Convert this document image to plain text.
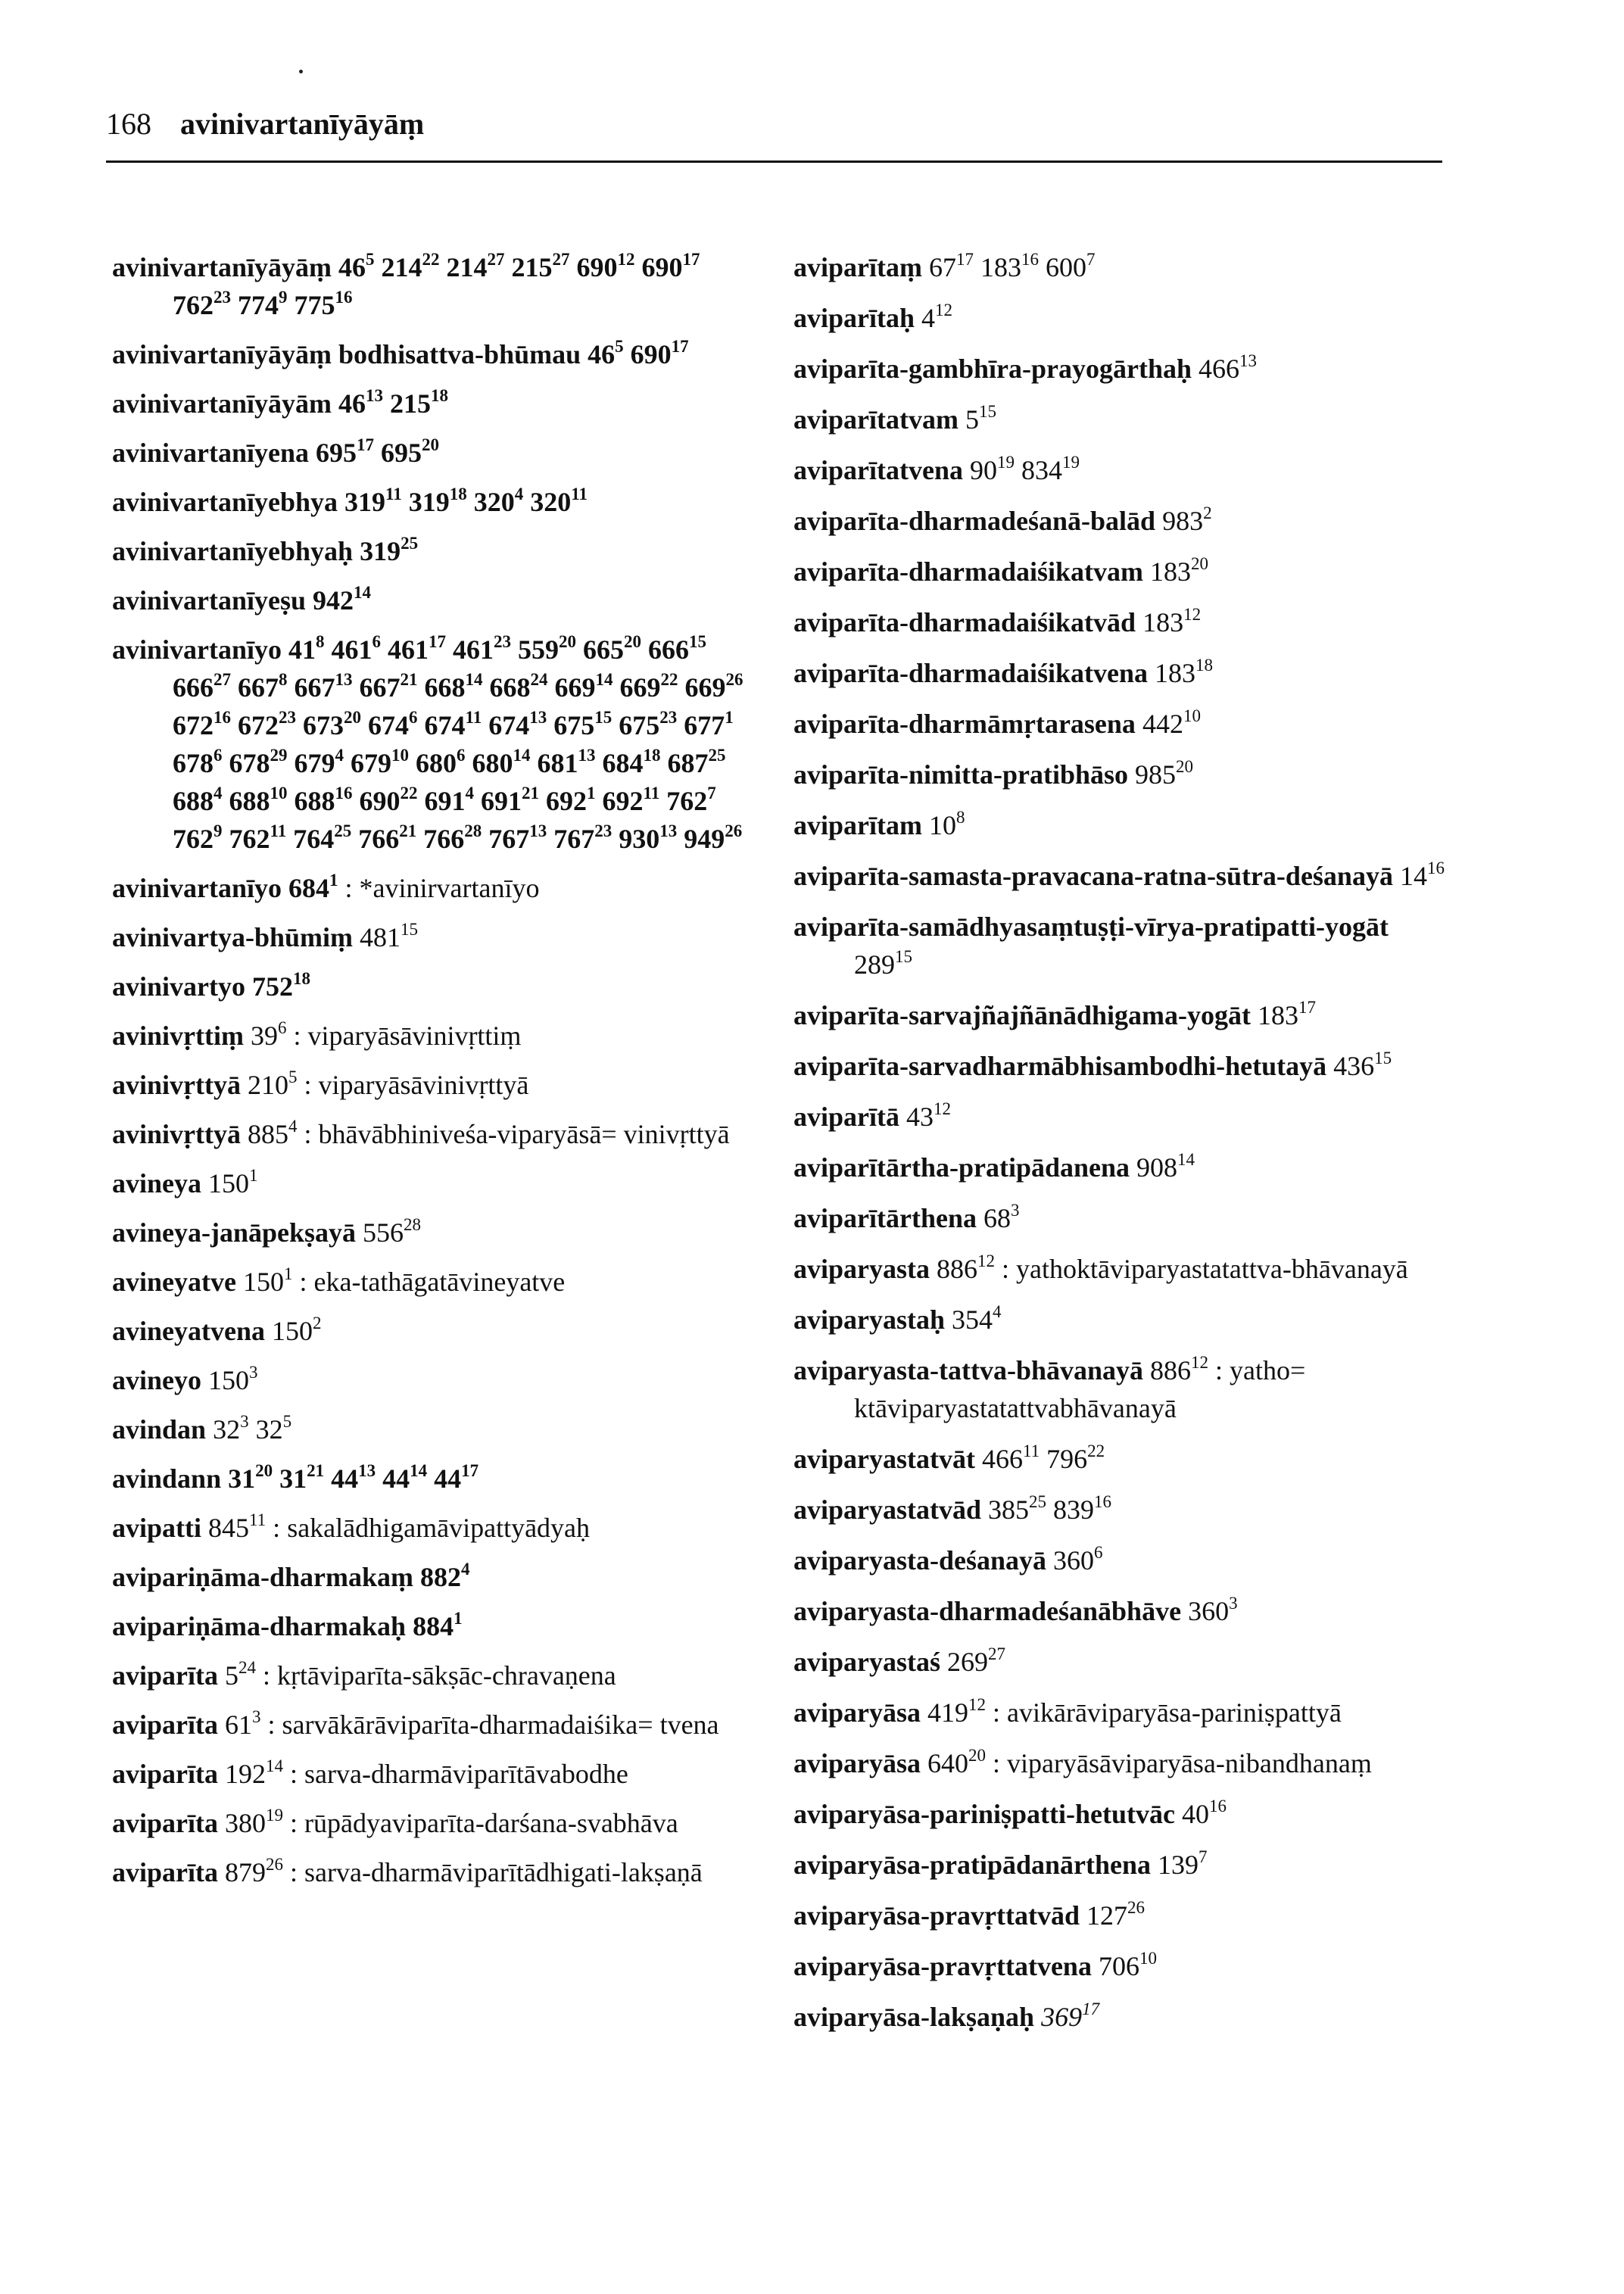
168 avinivartanīyāyāṃ
avinivartanīyāyāṃ $46^5$ $214^{22}$ $214^{27}$ $215^{27}$ $690^{12}$ $690^{17}$ $762^{23}$ $774^9$ $775^{16}$
avinivartanīyāyāṃ bodhisattva-bhūmau $46^5$ $690^{17}$
avinivartanīyāyām $46^{13}$ $215^{18}$
avinivartanīyena $695^{17}$ $695^{20}$
avinivartanīyebhya $319^{11}$ $319^{18}$ $320^4$ $320^{11}$
avinivartanīyebhyaḥ $319^{25}$
avinivartanīyeṣu $942^{14}$
avinivartanīyo $41^8$ $461^6$ $461^{17}$ $461^{23}$ $559^{20}$ $665^{20}$ $666^{15}$ $666^{27}$ $667^8$ $667^{13}$ $667^{21}$ $668^{14}$ $668^{24}$ $669^{14}$ $669^{22}$ $669^{26}$ $672^{16}$ $672^{23}$ $673^{20}$ $674^6$ $674^{11}$ $674^{13}$ $675^{15}$ $675^{23}$ $677^1$ $678^6$ $678^{29}$ $679^4$ $679^{10}$ $680^6$ $680^{14}$ $681^{13}$ $684^{18}$ $687^{25}$ $688^4$ $688^{10}$ $688^{16}$ $690^{22}$ $691^4$ $691^{21}$ $692^1$ $692^{11}$ $762^7$ $762^9$ $762^{11}$ $764^{25}$ $766^{21}$ $766^{28}$ $767^{13}$ $767^{23}$ $930^{13}$ $949^{26}$
avinivartanīyo $684^1$ : *avinirvartanīyo
avinivartya-bhūmiṃ $481^{15}$
avinivartyo $752^{18}$
avinivṛttiṃ $39^6$ : viparyāsāvinivṛttiṃ
avinivṛttyā $210^5$ : viparyāsāvinivṛttyā
avinivṛttyā $885^4$ : bhāvābhiniveśa-viparyāsā= vinivṛttyā
avineya $150^1$
avineya-janāpekṣayā $556^{28}$
avineyatve $150^1$ : eka-tathāgatāvineyatve
avineyatvena $150^2$
avineyo $150^3$
avindan $32^3$ $32^5$
avindann $31^{20}$ $31^{21}$ $44^{13}$ $44^{14}$ $44^{17}$
avipatti $845^{11}$ : sakalādhigamāvipattyādyaḥ
avipariṇāma-dharmakaṃ $882^4$
avipariṇāma-dharmakaḥ $884^1$
aviparīta $5^{24}$ : kṛtāviparīta-sākṣāc-chravaṇena
aviparīta $61^3$ : sarvākārāviparīta-dharmadaiśika= tvena
aviparīta $192^{14}$ : sarva-dharmāviparītāvabodhe
aviparīta $380^{19}$ : rūpādyaviparīta-darśana-svabhāva
aviparīta $879^{26}$ : sarva-dharmāviparītādhigati-lakṣaṇā
aviparītaṃ $67^{17}$ $183^{16}$ $600^7$
aviparītaḥ $4^{12}$
aviparīta-gambhīra-prayogārthaḥ $466^{13}$
aviparītatvam $5^{15}$
aviparītatvena $90^{19}$ $834^{19}$
aviparīta-dharmadeśanā-balād $983^2$
aviparīta-dharmadaiśikatvam $183^{20}$
aviparīta-dharmadaiśikatvād $183^{12}$
aviparīta-dharmadaiśikatvena $183^{18}$
aviparīta-dharmāmṛtarasena $442^{10}$
aviparīta-nimitta-pratibhāso $985^{20}$
aviparītam $10^8$
aviparīta-samasta-pravacana-ratna-sūtra-deśanayā $14^{16}$
aviparīta-samādhyasaṃtuṣṭi-vīrya-pratipatti-yogāt $289^{15}$
aviparīta-sarvajñajñānādhigama-yogāt $183^{17}$
aviparīta-sarvadharmābhisambodhi-hetutayā $436^{15}$
aviparītā $43^{12}$
aviparītārtha-pratipādanena $908^{14}$
aviparītārthena $68^3$
aviparyasta $886^{12}$ : yathoktāviparyastatattva-bhāvanayā
aviparyastaḥ $354^4$
aviparyasta-tattva-bhāvanayā $886^{12}$ : yatho= ktāviparyastatattvabhāvanayā
aviparyastatvāt $466^{11}$ $796^{22}$
aviparyastatvād $385^{25}$ $839^{16}$
aviparyasta-deśanayā $360^6$
aviparyasta-dharmadeśanābhāve $360^3$
aviparyastaś $269^{27}$
aviparyāsa $419^{12}$ : avikārāviparyāsa-pariniṣpattyā
aviparyāsa $640^{20}$ : viparyāsāviparyāsa-nibandhanaṃ
aviparyāsa-pariniṣpatti-hetutvāc $40^{16}$
aviparyāsa-pratipādanārthena $139^7$
aviparyāsa-pravṛttatvād $127^{26}$
aviparyāsa-pravṛttatvena $706^{10}$
aviparyāsa-lakṣaṇaḥ $369^{17}$
